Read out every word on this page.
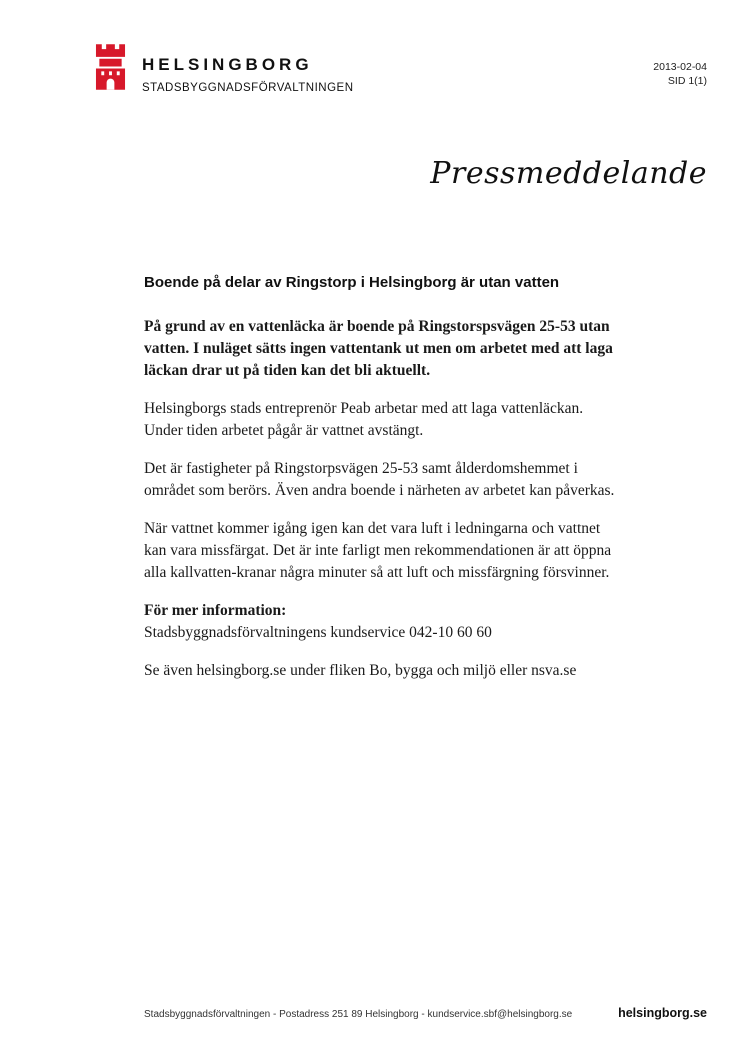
HELSINGBORG
STADSBYGGNADSFÖRVALTNINGEN
2013-02-04
SID 1(1)
Pressmeddelande
Boende på delar av Ringstorp i Helsingborg är utan vatten

På grund av en vattenläcka är boende på Ringstorspsvägen 25-53 utan vatten. I nuläget sätts ingen vattentank ut men om arbetet med att laga läckan drar ut på tiden kan det bli aktuellt.

Helsingborgs stads entreprenör Peab arbetar med att laga vattenläckan. Under tiden arbetet pågår är vattnet avstängt.

Det är fastigheter på Ringstorpsvägen 25-53 samt ålderdomshemmet i området som berörs. Även andra boende i närheten av arbetet kan påverkas.

När vattnet kommer igång igen kan det vara luft i ledningarna och vattnet kan vara missfärgat. Det är inte farligt men rekommendationen är att öppna alla kallvatten-kranar några minuter så att luft och missfärgning försvinner.

För mer information:

Stadsbyggnadsförvaltningens kundservice 042-10 60 60

Se även helsingborg.se under fliken Bo, bygga och miljö eller nsva.se

Stadsbyggnadsförvaltningen - Postadress 251 89 Helsingborg - kundservice.sbf@helsingborg.se	helsingborg.se
